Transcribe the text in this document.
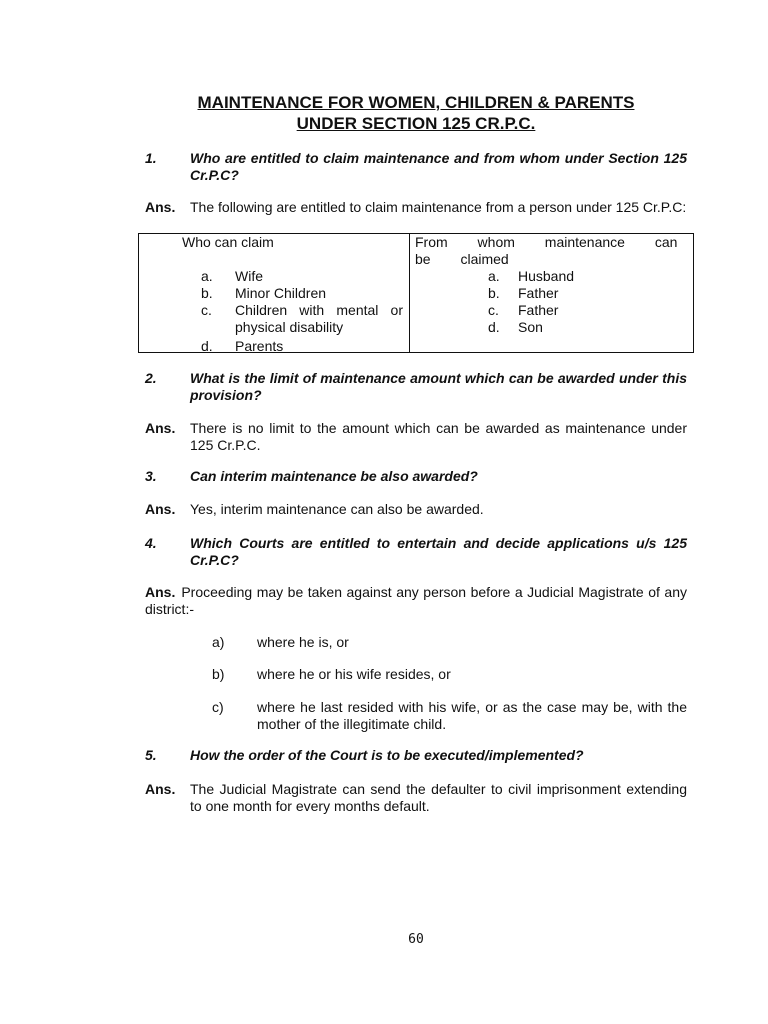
MAINTENANCE FOR WOMEN, CHILDREN & PARENTS
UNDER SECTION 125 CR.P.C.
1. Who are entitled to claim maintenance and from whom under Section 125 Cr.P.C?
Ans. The following are entitled to claim maintenance from a person under 125 Cr.P.C:
Who can claim	From whom maintenance can be claimed
a. Wife
b. Minor Children
c. Children with mental or physical disability
d. Parents
a. Husband
b. Father
c. Father
d. Son
2. What is the limit of maintenance amount which can be awarded under this provision?
Ans. There is no limit to the amount which can be awarded as maintenance under 125 Cr.P.C.
3. Can interim maintenance be also awarded?
Ans. Yes, interim maintenance can also be awarded.
4. Which Courts are entitled to entertain and decide applications u/s 125 Cr.P.C?
Ans. Proceeding may be taken against any person before a Judicial Magistrate of any district:-
a) where he is, or
b) where he or his wife resides, or
c) where he last resided with his wife, or as the case may be, with the mother of the illegitimate child.
5. How the order of the Court is to be executed/implemented?
Ans. The Judicial Magistrate can send the defaulter to civil imprisonment extending to one month for every months default.
60
